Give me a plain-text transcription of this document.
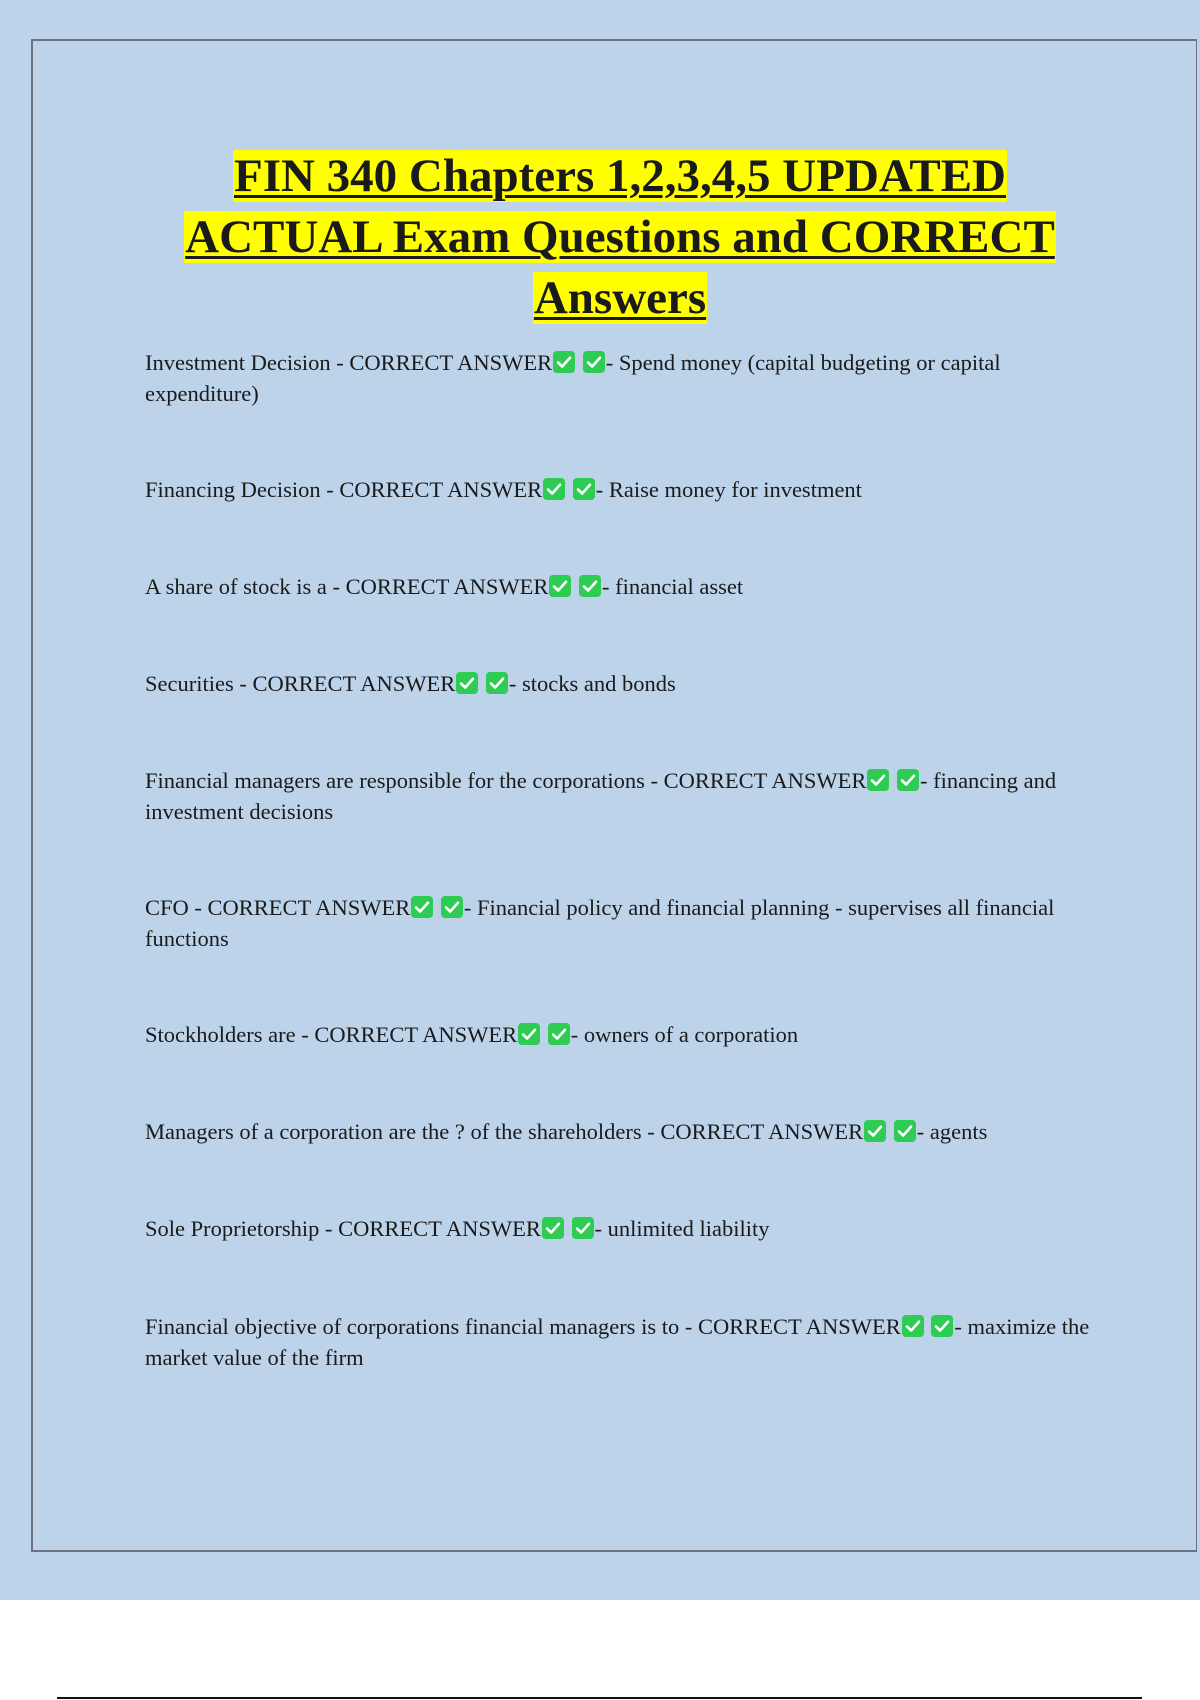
FIN 340 Chapters 1,2,3,4,5 UPDATED ACTUAL Exam Questions and CORRECT Answers

Investment Decision - CORRECT ANSWER
- Spend money (capital budgeting or capital expenditure)

Financing Decision - CORRECT ANSWER
- Raise money for investment

A share of stock is a - CORRECT ANSWER
- financial asset

Securities - CORRECT ANSWER
- stocks and bonds

Financial managers are responsible for the corporations - CORRECT ANSWER
- financing and investment decisions

CFO - CORRECT ANSWER
- Financial policy and financial planning - supervises all financial functions

Stockholders are - CORRECT ANSWER
- owners of a corporation

Managers of a corporation are the ? of the shareholders - CORRECT ANSWER
- agents

Sole Proprietorship - CORRECT ANSWER
- unlimited liability

Financial objective of corporations financial managers is to - CORRECT ANSWER
- maximize the market value of the firm
